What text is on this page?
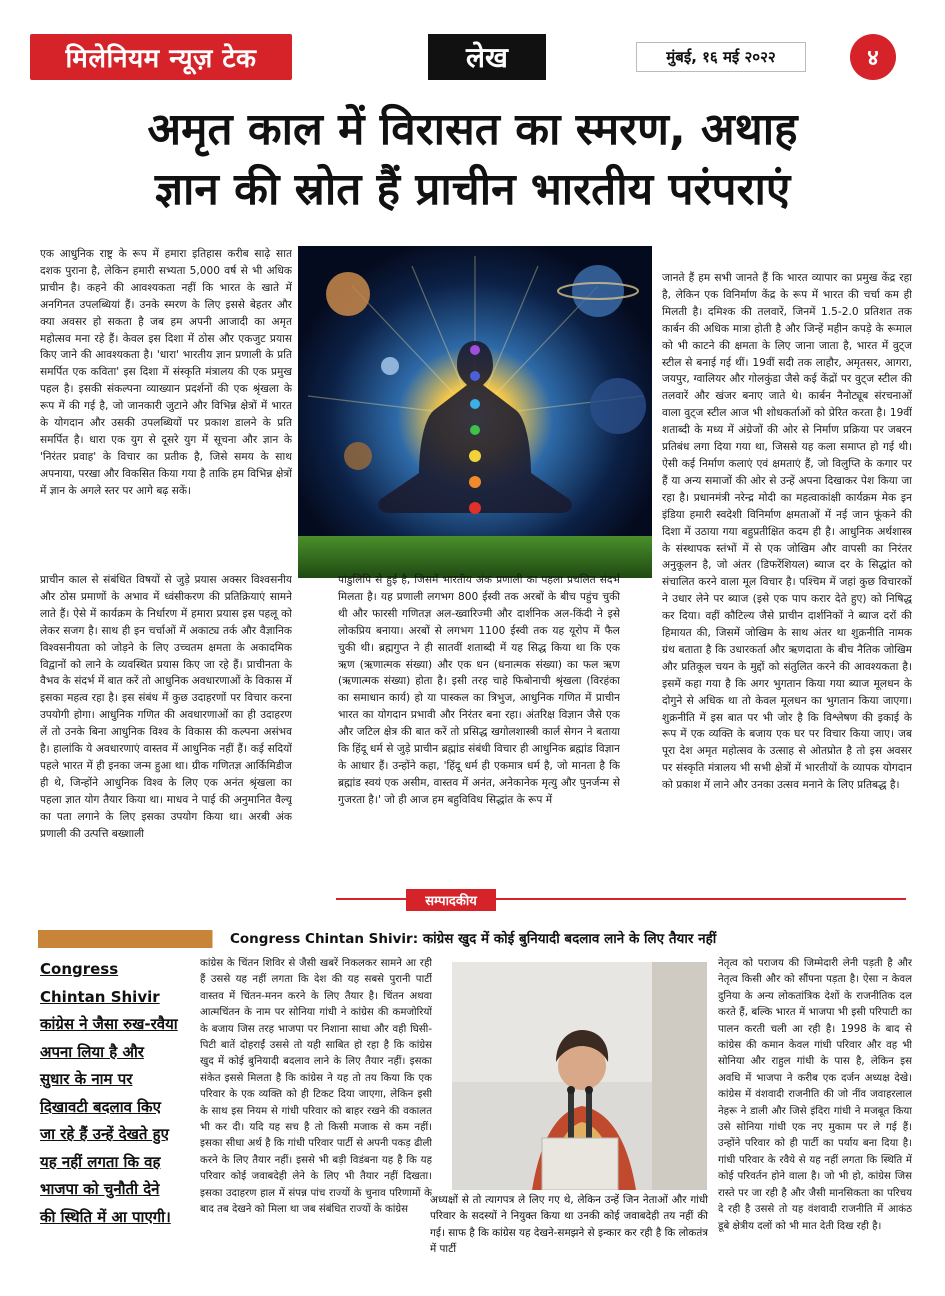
मिलेनियम न्यूज़ टेक	लेख	मुंबई, १६ मई २०२२	४
अमृत काल में विरासत का स्मरण, अथाह
ज्ञान की स्रोत हैं प्राचीन भारतीय परंपराएं

एक आधुनिक राष्ट्र के रूप में हमारा इतिहास करीब साढ़े सात दशक पुराना है, लेकिन हमारी सभ्यता 5,000 वर्ष से भी अधिक प्राचीन है। कहने की आवश्यकता नहीं कि भारत के खाते में अनगिनत उपलब्धियां हैं। उनके स्मरण के लिए इससे बेहतर और क्या अवसर हो सकता है जब हम अपनी आजादी का अमृत महोत्सव मना रहे हैं। केवल इस दिशा में ठोस और एकजुट प्रयास किए जाने की आवश्यकता है। 'धारा' भारतीय ज्ञान प्रणाली के प्रति समर्पित एक कविता' इस दिशा में संस्कृति मंत्रालय की एक प्रमुख पहल है। इसकी संकल्पना व्याख्यान प्रदर्शनों की एक श्रृंखला के रूप में की गई है, जो जानकारी जुटाने और विभिन्न क्षेत्रों में भारत के योगदान और उसकी उपलब्धियों पर प्रकाश डालने के प्रति समर्पित है। धारा एक युग से दूसरे युग में सूचना और ज्ञान के 'निरंतर प्रवाह' के विचार का प्रतीक है, जिसे समय के साथ अपनाया, परखा और विकसित किया गया है ताकि हम विभिन्न क्षेत्रों में ज्ञान के अगले स्तर पर आगे बढ़ सकें।

प्राचीन काल से संबंधित विषयों से जुड़े प्रयास अक्सर विश्वसनीय और ठोस प्रमाणों के अभाव में ध्वंसीकरण की प्रतिक्रियाएं सामने लाते हैं। ऐसे में कार्यक्रम के निर्धारण में हमारा प्रयास इस पहलू को लेकर सजग है। साथ ही इन चर्चाओं में अकाट्य तर्क और वैज्ञानिक विश्वसनीयता को जोड़ने के लिए उच्चतम क्षमता के अकादमिक विद्वानों को लाने के व्यवस्थित प्रयास किए जा रहे हैं। प्राचीनता के वैभव के संदर्भ में बात करें तो आधुनिक अवधारणाओं के विकास में इसका महत्व रहा है। इस संबंध में कुछ उदाहरणों पर विचार करना उपयोगी होगा। आधुनिक गणित की अवधारणाओं का ही उदाहरण लें तो उनके बिना आधुनिक विश्व के विकास की कल्पना असंभव है। हालांकि ये अवधारणाएं वास्तव में आधुनिक नहीं हैं। कई सदियों पहले भारत में ही इनका जन्म हुआ था। ग्रीक गणितज्ञ आर्किमिडीज ही थे, जिन्होंने आधुनिक विश्व के लिए एक अनंत श्रृंखला का पहला ज्ञात योग तैयार किया था। माधव ने पाई की अनुमानित वैल्यू का पता लगाने के लिए इसका उपयोग किया था। अरबी अंक प्रणाली की उत्पत्ति बख्शाली

पांडुलिपि से हुई है, जिसमें भारतीय अंक प्रणाली का पहला प्रचलित संदर्भ मिलता है। यह प्रणाली लगभग 800 ईस्वी तक अरबों के बीच पहुंच चुकी थी और फारसी गणितज्ञ अल-ख्वारिज्मी और दार्शनिक अल-किंदी ने इसे लोकप्रिय बनाया। अरबों से लगभग 1100 ईस्वी तक यह यूरोप में फैल चुकी थी। ब्रह्मगुप्त ने ही सातवीं शताब्दी में यह सिद्ध किया था कि एक ऋण (ऋणात्मक संख्या) और एक धन (धनात्मक संख्या) का फल ऋण (ऋणात्मक संख्या) होता है। इसी तरह चाहे फिबोनाची श्रृंखला (विरहंका का समाधान कार्य) हो या पास्कल का त्रिभुज, आधुनिक गणित में प्राचीन भारत का योगदान प्रभावी और निरंतर बना रहा। अंतरिक्ष विज्ञान जैसे एक और जटिल क्षेत्र की बात करें तो प्रसिद्ध खगोलशास्त्री कार्ल सेगन ने बताया कि हिंदू धर्म से जुड़े प्राचीन ब्रह्मांड संबंधी विचार ही आधुनिक ब्रह्मांड विज्ञान के आधार हैं। उन्होंने कहा, 'हिंदू धर्म ही एकमात्र धर्म है, जो मानता है कि ब्रह्मांड स्वयं एक असीम, वास्तव में अनंत, अनेकानेक मृत्यु और पुनर्जन्म से गुजरता है।' जो ही आज हम बहुविविध सिद्धांत के रूप में

जानते हैं हम सभी जानते हैं कि भारत व्यापार का प्रमुख केंद्र रहा है, लेकिन एक विनिर्माण केंद्र के रूप में भारत की चर्चा कम ही मिलती है। दमिश्क की तलवारें, जिनमें 1.5-2.0 प्रतिशत तक कार्बन की अधिक मात्रा होती है और जिन्हें महीन कपड़े के रूमाल को भी काटने की क्षमता के लिए जाना जाता है, भारत में वुट्ज स्टील से बनाई गई थीं। 19वीं सदी तक लाहौर, अमृतसर, आगरा, जयपुर, ग्वालियर और गोलकुंडा जैसे कई केंद्रों पर वुट्ज स्टील की तलवारें और खंजर बनाए जाते थे। कार्बन नैनोट्यूब संरचनाओं वाला वुट्ज स्टील आज भी शोधकर्ताओं को प्रेरित करता है। 19वीं शताब्दी के मध्य में अंग्रेजों की ओर से निर्माण प्रक्रिया पर जबरन प्रतिबंध लगा दिया गया था, जिससे यह कला समाप्त हो गई थी। ऐसी कई निर्माण कलाएं एवं क्षमताएं हैं, जो विलुप्ति के कगार पर हैं या अन्य समाजों की ओर से उन्हें अपना दिखाकर पेश किया जा रहा है। प्रधानमंत्री नरेन्द्र मोदी का महत्वाकांक्षी कार्यक्रम मेक इन इंडिया हमारी स्वदेशी विनिर्माण क्षमताओं में नई जान फूंकने की दिशा में उठाया गया बहुप्रतीक्षित कदम ही है। आधुनिक अर्थशास्त्र के संस्थापक स्तंभों में से एक जोखिम और वापसी का निरंतर अनुकूलन है, जो अंतर (डिफरेंशियल) ब्याज दर के सिद्धांत को संचालित करने वाला मूल विचार है। पश्चिम में जहां कुछ विचारकों ने उधार लेने पर ब्याज (इसे एक पाप करार देते हुए) को निषिद्ध कर दिया। वहीं कौटिल्य जैसे प्राचीन दार्शनिकों ने ब्याज दरों की हिमायत की, जिसमें जोखिम के साथ अंतर था शुक्रनीति नामक ग्रंथ बताता है कि उधारकर्ता और ऋणदाता के बीच नैतिक जोखिम और प्रतिकूल चयन के मुद्दों को संतुलित करने की आवश्यकता है। इसमें कहा गया है कि अगर भुगतान किया गया ब्याज मूलधन के दोगुने से अधिक था तो केवल मूलधन का भुगतान किया जाएगा। शुक्रनीति में इस बात पर भी जोर है कि विश्लेषण की इकाई के रूप में एक व्यक्ति के बजाय एक घर पर विचार किया जाए। जब पूरा देश अमृत महोत्सव के उत्साह से ओतप्रोत है तो इस अवसर पर संस्कृति मंत्रालय भी सभी क्षेत्रों में भारतीयों के व्यापक योगदान को प्रकाश में लाने और उनका उत्सव मनाने के लिए प्रतिबद्ध है।

सम्पादकीय
Congress Chintan Shivir: कांग्रेस खुद में कोई बुनियादी बदलाव लाने के लिए तैयार नहीं
Congress Chintan Shivir
कांग्रेस ने जैसा रुख-रवैया अपना लिया है और सुधार के नाम पर दिखावटी बदलाव किए जा रहे हैं उन्हें देखते हुए यह नहीं लगता कि वह भाजपा को चुनौती देने की स्थिति में आ पाएगी।

कांग्रेस के चिंतन शिविर से जैसी खबरें निकलकर सामने आ रही हैं उससे यह नहीं लगता कि देश की यह सबसे पुरानी पार्टी वास्तव में चिंतन-मनन करने के लिए तैयार है। चिंतन अथवा आत्मचिंतन के नाम पर सोनिया गांधी ने कांग्रेस की कमजोरियों के बजाय जिस तरह भाजपा पर निशाना साधा और वही घिसी-पिटी बातें दोहराईं उससे तो यही साबित हो रहा है कि कांग्रेस खुद में कोई बुनियादी बदलाव लाने के लिए तैयार नहीं। इसका संकेत इससे मिलता है कि कांग्रेस ने यह तो तय किया कि एक परिवार के एक व्यक्ति को ही टिकट दिया जाएगा, लेकिन इसी के साथ इस नियम से गांधी परिवार को बाहर रखने की वकालत भी कर दी। यदि यह सच है तो किसी मजाक से कम नहीं। इसका सीधा अर्थ है कि गांधी परिवार पार्टी से अपनी पकड़ ढीली करने के लिए तैयार नहीं। इससे भी बड़ी विडंबना यह है कि यह परिवार कोई जवाबदेही लेने के लिए भी तैयार नहीं दिखता। इसका उदाहरण हाल में संपन्न पांच राज्यों के चुनाव परिणामों के बाद तब देखने को मिला था जब संबंधित राज्यों के कांग्रेस

अध्यक्षों से तो त्यागपत्र ले लिए गए थे, लेकिन उन्हें जिन नेताओं और गांधी परिवार के सदस्यों ने नियुक्त किया था उनकी कोई जवाबदेही तय नहीं की गई। साफ है कि कांग्रेस यह देखने-समझने से इन्कार कर रही है कि लोकतंत्र में पार्टी

नेतृत्व को पराजय की जिम्मेदारी लेनी पड़ती है और नेतृत्व किसी और को सौंपना पड़ता है। ऐसा न केवल दुनिया के अन्य लोकतांत्रिक देशों के राजनीतिक दल करते हैं, बल्कि भारत में भाजपा भी इसी परिपाटी का पालन करती चली आ रही है। 1998 के बाद से कांग्रेस की कमान केवल गांधी परिवार और वह भी सोनिया और राहुल गांधी के पास है, लेकिन इस अवधि में भाजपा ने करीब एक दर्जन अध्यक्ष देखे। कांग्रेस में वंशवादी राजनीति की जो नींव जवाहरलाल नेहरू ने डाली और जिसे इंदिरा गांधी ने मजबूत किया उसे सोनिया गांधी एक नए मुकाम पर ले गई हैं। उन्होंने परिवार को ही पार्टी का पर्याय बना दिया है। गांधी परिवार के रवैये से यह नहीं लगता कि स्थिति में कोई परिवर्तन होने वाला है। जो भी हो, कांग्रेस जिस रास्ते पर जा रही है और जैसी मानसिकता का परिचय दे रही है उससे तो यह वंशवादी राजनीति में आकंठ डूबे क्षेत्रीय दलों को भी मात देती दिख रही है।
